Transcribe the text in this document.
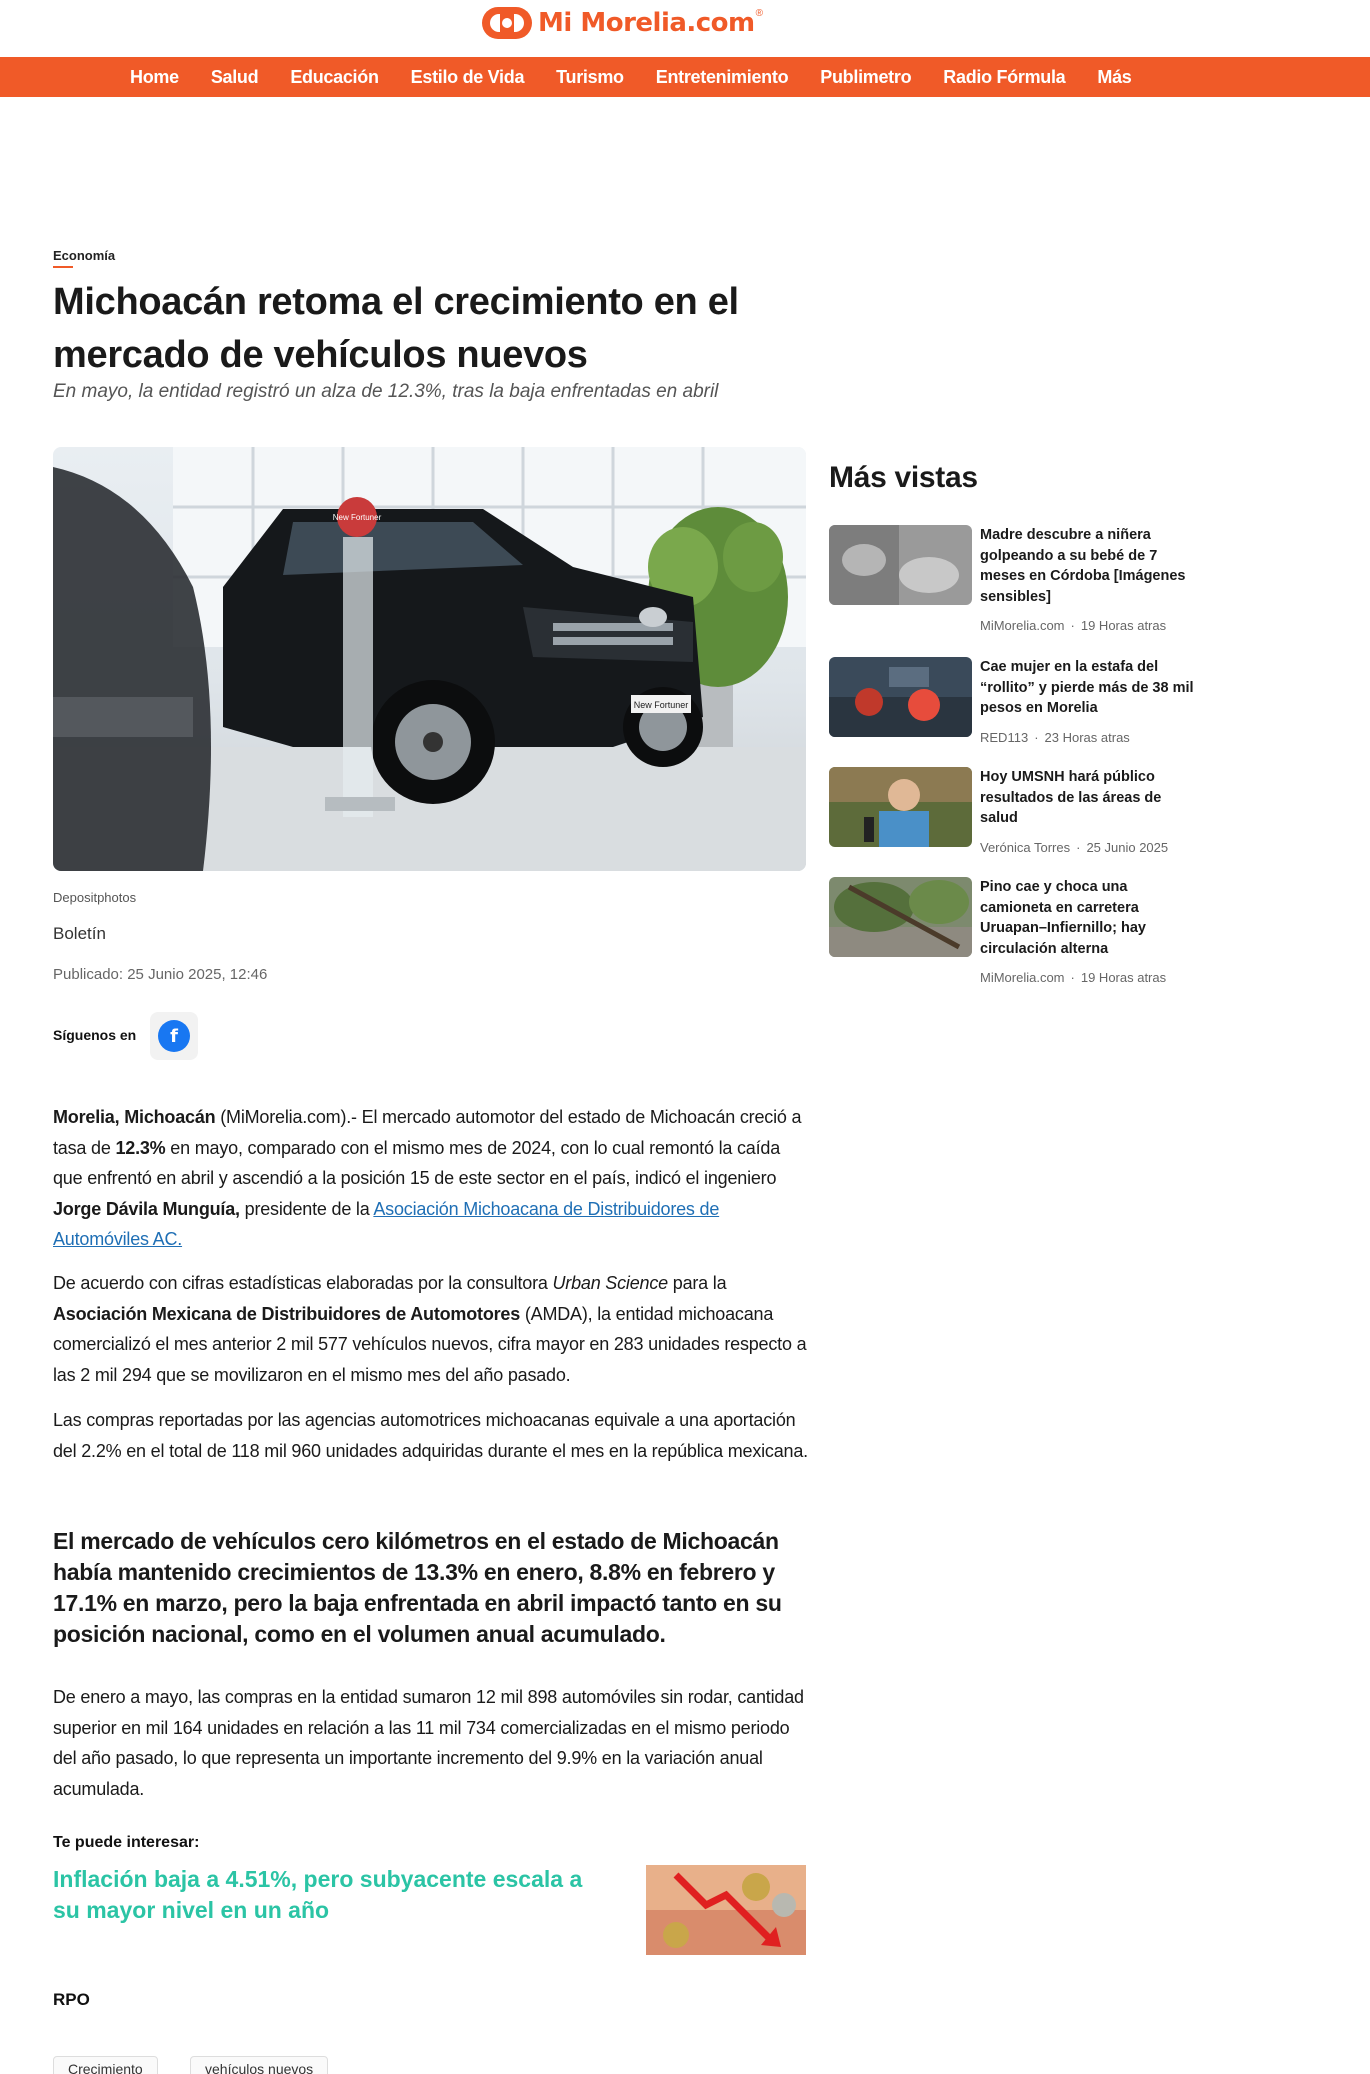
Mi Morelia.com ®
Home Salud Educación Estilo de Vida Turismo Entretenimiento Publimetro Radio Fórmula Más
Economía
Michoacán retoma el crecimiento en el mercado de vehículos nuevos
En mayo, la entidad registró un alza de 12.3%, tras la baja enfrentadas en abril
New Fortuner
New Fortuner
Depositphotos
Boletín
Publicado: 25 Junio 2025, 12:46
Síguenos en	f
Morelia, Michoacán (MiMorelia.com).- El mercado automotor del estado de Michoacán creció a tasa de 12.3% en mayo, comparado con el mismo mes de 2024, con lo cual remontó la caída que enfrentó en abril y ascendió a la posición 15 de este sector en el país, indicó el ingeniero Jorge Dávila Munguía, presidente de la Asociación Michoacana de Distribuidores de Automóviles AC.
De acuerdo con cifras estadísticas elaboradas por la consultora Urban Science para la Asociación Mexicana de Distribuidores de Automotores (AMDA), la entidad michoacana comercializó el mes anterior 2 mil 577 vehículos nuevos, cifra mayor en 283 unidades respecto a las 2 mil 294 que se movilizaron en el mismo mes del año pasado.
Las compras reportadas por las agencias automotrices michoacanas equivale a una aportación del 2.2% en el total de 118 mil 960 unidades adquiridas durante el mes en la república mexicana.
El mercado de vehículos cero kilómetros en el estado de Michoacán había mantenido crecimientos de 13.3% en enero, 8.8% en febrero y 17.1% en marzo, pero la baja enfrentada en abril impactó tanto en su posición nacional, como en el volumen anual acumulado.
De enero a mayo, las compras en la entidad sumaron 12 mil 898 automóviles sin rodar, cantidad superior en mil 164 unidades en relación a las 11 mil 734 comercializadas en el mismo periodo del año pasado, lo que representa un importante incremento del 9.9% en la variación anual acumulada.
Te puede interesar:
Inflación baja a 4.51%, pero subyacente escala a su mayor nivel en un año
RPO
Crecimiento	vehículos nuevos
Más vistas
Madre descubre a niñera golpeando a su bebé de 7 meses en Córdoba [Imágenes sensibles]
MiMorelia.com · 19 Horas atras
Cae mujer en la estafa del “rollito” y pierde más de 38 mil pesos en Morelia
RED113 · 23 Horas atras
Hoy UMSNH hará público resultados de las áreas de salud
Verónica Torres · 25 Junio 2025
Pino cae y choca una camioneta en carretera Uruapan–Infiernillo; hay circulación alterna
MiMorelia.com · 19 Horas atras
